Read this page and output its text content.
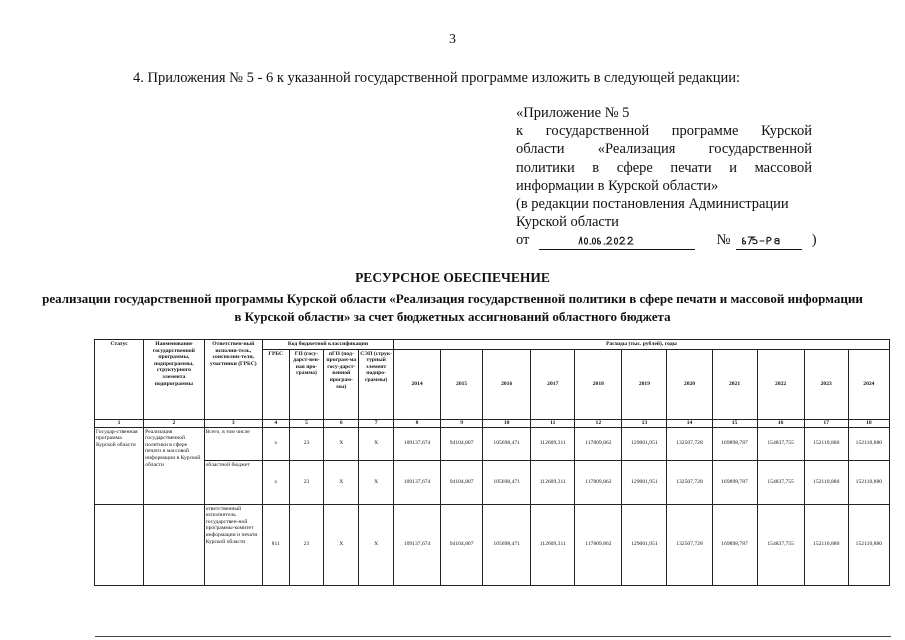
3
4. Приложения № 5 - 6 к указанной государственной программе изложить в следующей редакции:
«Приложение № 5
к государственной программе Курской
области «Реализация государственной
политики в сфере печати и массовой
информации в Курской области»
(в редакции постановления Администрации
Курской области
от	№	)
РЕСУРСНОЕ ОБЕСПЕЧЕНИЕ
реализации государственной программы Курской области «Реализация государственной политики в сфере печати и массовой информации в Курской области» за счет бюджетных ассигнований областного бюджета
Статус	Наименование государственной программы, подпрограммы, структурного элемента подпрограммы	Ответствен-ный исполни-тель, соисполни-тели, участники (ГРБС)	Код бюджетной классификации				Расходы (тыс. рублей), годы										
			ГРБС	ГП (госу-дарст-вен-ная про-грамма)	пГП (под-програм-ма госу-дарст-венной програм-мы)	СЭП (струк-турный элемент подпро-граммы)	2014	2015	2016	2017	2018	2019	2020	2021	2022	2023	2024
1	2	3	4	5	6	7	8	9	10	11	12	13	14	15	16	17	18
Государ-ственная программа Курской области	Реализация государственной политики в сфере печати и массовой информации в Курской области	Всего, в том числе	x	23	X	X	109137,674	94104,807	105698,471	112609,311	117809,862	129001,951	132507,728	169898,787	154837,755	152110,880	152110,880
		областной бюджет	x	23	X	X	109137,674	94104,807	105698,471	112609,311	117809,862	129001,951	132507,728	169898,787	154837,755	152110,880	152110,880
		ответственный исполнитель государствен-ной программы-комитет информации и печати Курской области	811	23	X	X	109137,674	94104,807	105698,471	112609,311	117809,862	129001,951	132507,728	169898,787	154837,755	152110,880	152110,880
